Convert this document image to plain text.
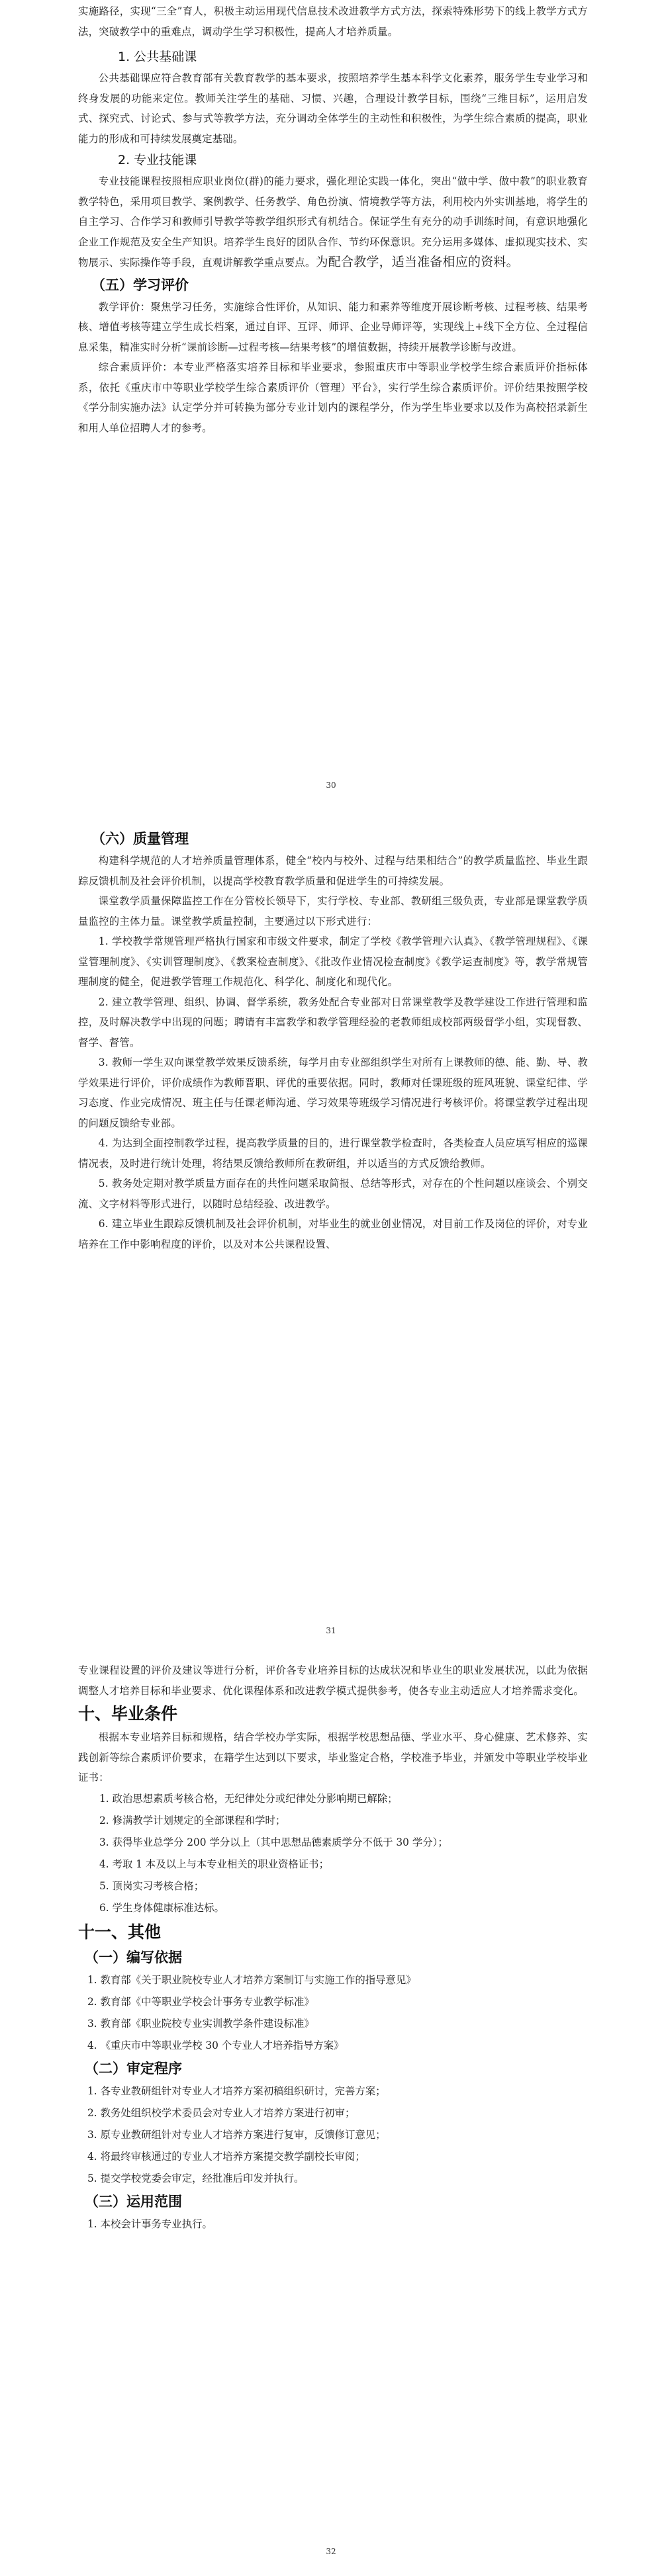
实施路径，实现“三全”育人，积极主动运用现代信息技术改进教学方式方法，探索特殊形势下的线上教学方式方法，突破教学中的重难点，调动学生学习积极性，提高人才培养质量。

1. 公共基础课

公共基础课应符合教育部有关教育教学的基本要求，按照培养学生基本科学文化素养，服务学生专业学习和终身发展的功能来定位。教师关注学生的基础、习惯、兴趣，合理设计教学目标，围绕“三维目标”，运用启发式、探究式、讨论式、参与式等教学方法，充分调动全体学生的主动性和积极性，为学生综合素质的提高，职业能力的形成和可持续发展奠定基础。

2. 专业技能课

专业技能课程按照相应职业岗位(群)的能力要求，强化理论实践一体化，突出“做中学、做中教”的职业教育教学特色，采用项目教学、案例教学、任务教学、角色扮演、情境教学等方法，利用校内外实训基地，将学生的自主学习、合作学习和教师引导教学等教学组织形式有机结合。保证学生有充分的动手训练时间，有意识地强化企业工作规范及安全生产知识。培养学生良好的团队合作、节约环保意识。充分运用多媒体、虚拟现实技术、实物展示、实际操作等手段，直观讲解教学重点要点。为配合教学，适当准备相应的资料。

（五）学习评价

教学评价：聚焦学习任务，实施综合性评价，从知识、能力和素养等维度开展诊断考核、过程考核、结果考核、增值考核等建立学生成长档案，通过自评、互评、师评、企业导师评等，实现线上+线下全方位、全过程信息采集，精准实时分析“课前诊断—过程考核—结果考核”的增值数据，持续开展教学诊断与改进。

综合素质评价：本专业严格落实培养目标和毕业要求，参照重庆市中等职业学校学生综合素质评价指标体系，依托《重庆市中等职业学校学生综合素质评价（管理）平台》，实行学生综合素质评价。评价结果按照学校《学分制实施办法》认定学分并可转换为部分专业计划内的课程学分，作为学生毕业要求以及作为高校招录新生和用人单位招聘人才的参考。

30

（六）质量管理

构建科学规范的人才培养质量管理体系，健全“校内与校外、过程与结果相结合”的教学质量监控、毕业生跟踪反馈机制及社会评价机制，以提高学校教育教学质量和促进学生的可持续发展。

课堂教学质量保障监控工作在分管校长领导下，实行学校、专业部、教研组三级负责，专业部是课堂教学质量监控的主体力量。课堂教学质量控制，主要通过以下形式进行：

1. 学校教学常规管理严格执行国家和市级文件要求，制定了学校《教学管理六认真》、《教学管理规程》、《课堂管理制度》、《实训管理制度》、《教案检查制度》、《批改作业情况检查制度》《教学运查制度》等，教学常规管理制度的健全，促进教学管理工作规范化、科学化、制度化和现代化。

2. 建立教学管理、组织、协调、督学系统，教务处配合专业部对日常课堂教学及教学建设工作进行管理和监控，及时解决教学中出现的问题；聘请有丰富教学和教学管理经验的老教师组成校部两级督学小组，实现督教、督学、督管。

3. 教师一学生双向课堂教学效果反馈系统，每学月由专业部组织学生对所有上课教师的德、能、勤、导、教学效果进行评价，评价成绩作为教师晋职、评优的重要依据。同时，教师对任课班级的班风班貌、课堂纪律、学习态度、作业完成情况、班主任与任课老师沟通、学习效果等班级学习情况进行考核评价。将课堂教学过程出现的问题反馈给专业部。

4. 为达到全面控制教学过程，提高教学质量的目的，进行课堂教学检查时，各类检查人员应填写相应的巡课情况表，及时进行统计处理，将结果反馈给教师所在教研组，并以适当的方式反馈给教师。

5. 教务处定期对教学质量方面存在的共性问题采取简报、总结等形式，对存在的个性问题以座谈会、个别交流、文字材料等形式进行，以随时总结经验、改进教学。

6. 建立毕业生跟踪反馈机制及社会评价机制，对毕业生的就业创业情况，对目前工作及岗位的评价，对专业培养在工作中影响程度的评价，以及对本公共课程设置、

31

专业课程设置的评价及建议等进行分析，评价各专业培养目标的达成状况和毕业生的职业发展状况，以此为依据调整人才培养目标和毕业要求、优化课程体系和改进教学模式提供参考，使各专业主动适应人才培养需求变化。

十、毕业条件

根据本专业培养目标和规格，结合学校办学实际，根据学校思想品德、学业水平、身心健康、艺术修养、实践创新等综合素质评价要求，在籍学生达到以下要求，毕业鉴定合格，学校准予毕业，并颁发中等职业学校毕业证书：

1. 政治思想素质考核合格，无纪律处分或纪律处分影响期已解除；

2. 修满教学计划规定的全部课程和学时；

3. 获得毕业总学分 200 学分以上（其中思想品德素质学分不低于 30 学分）；

4. 考取 1 本及以上与本专业相关的职业资格证书；

5. 顶岗实习考核合格；

6. 学生身体健康标准达标。

十一、其他

（一）编写依据

1. 教育部《关于职业院校专业人才培养方案制订与实施工作的指导意见》

2. 教育部《中等职业学校会计事务专业教学标准》

3. 教育部《职业院校专业实训教学条件建设标准》

4. 《重庆市中等职业学校 30 个专业人才培养指导方案》

（二）审定程序

1. 各专业教研组针对专业人才培养方案初稿组织研讨，完善方案；

2. 教务处组织校学术委员会对专业人才培养方案进行初审；

3. 原专业教研组针对专业人才培养方案进行复审，反馈修订意见；

4. 将最终审核通过的专业人才培养方案提交教学副校长审阅；

5. 提交学校党委会审定，经批准后印发并执行。

（三）运用范围

1. 本校会计事务专业执行。

32
